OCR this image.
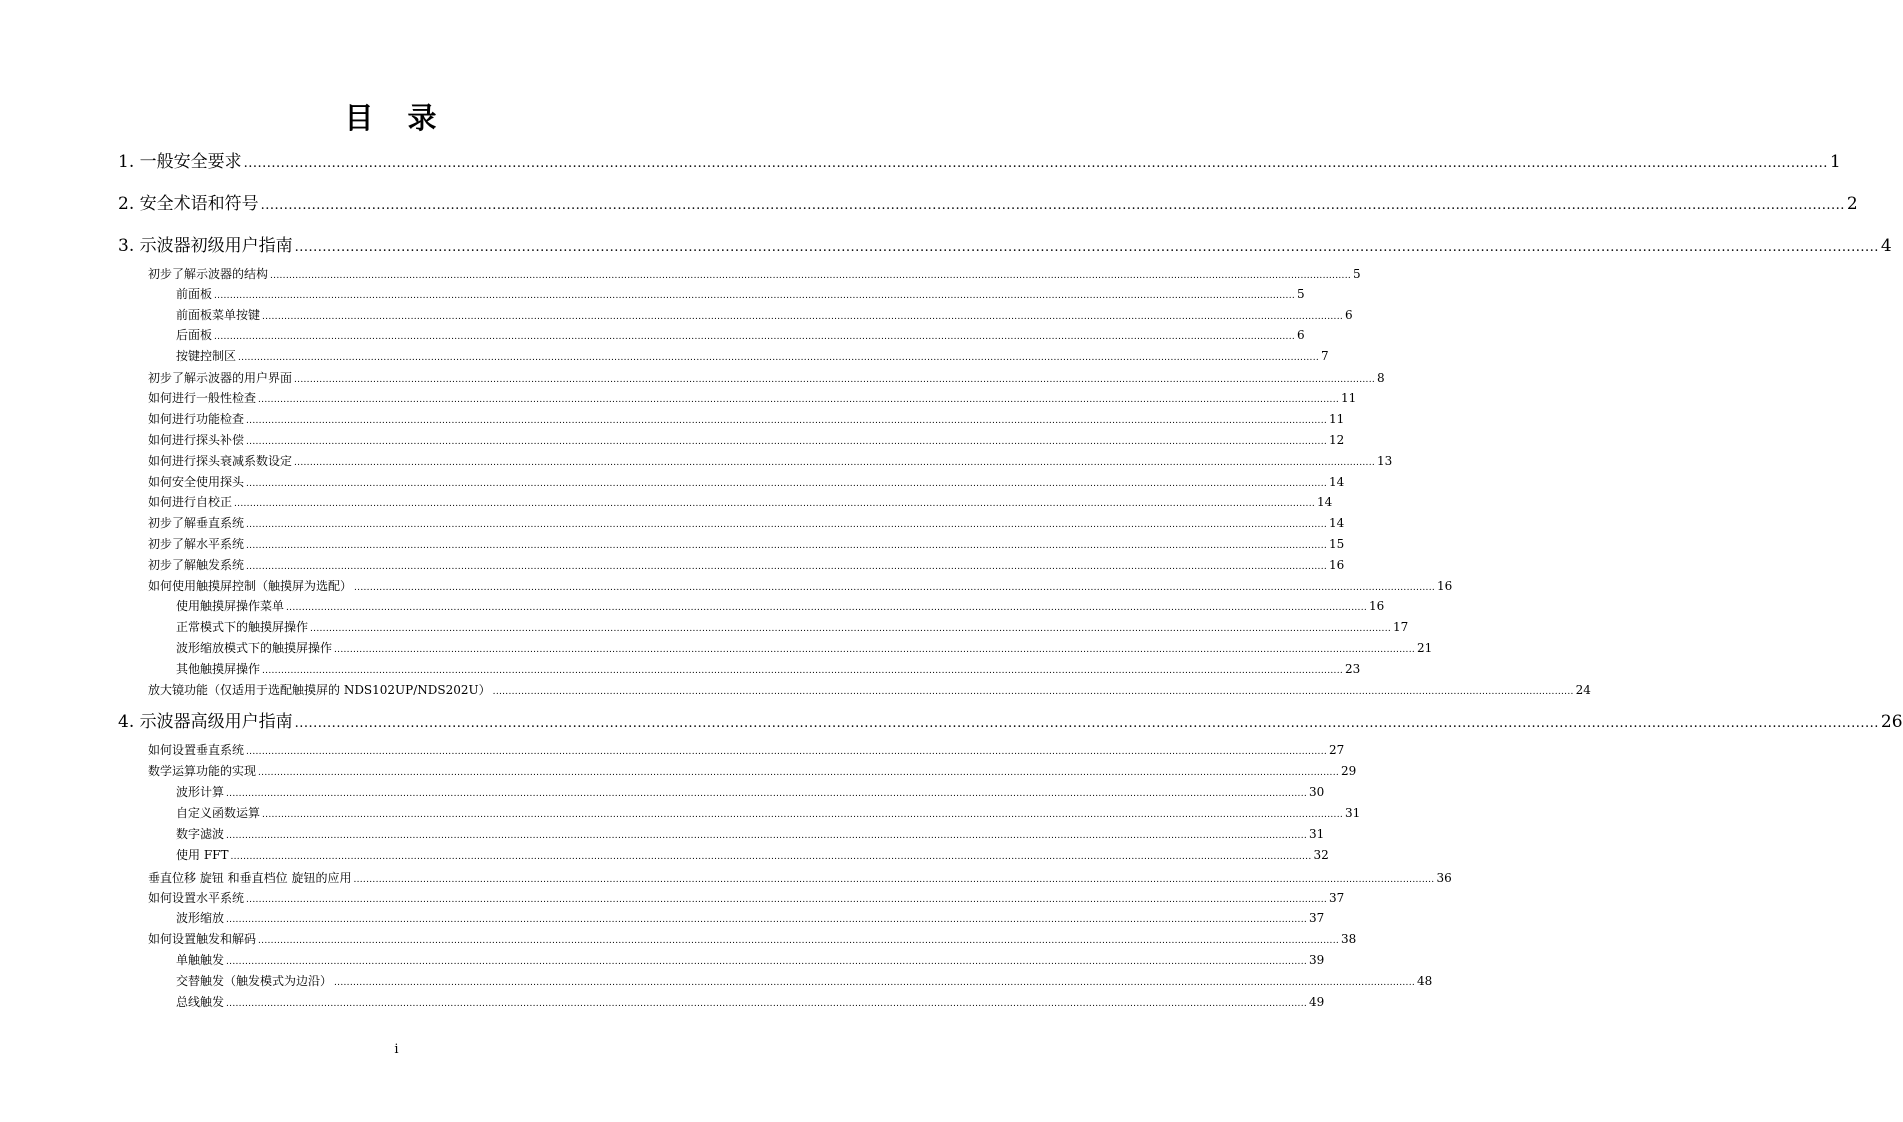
目 录
1. 一般安全要求 ...................................................................................................................................................................................................................................................................................................................................................... 1
2. 安全术语和符号 ...................................................................................................................................................................................................................................................................................................................................................... 2
3. 示波器初级用户指南 ...................................................................................................................................................................................................................................................................................................................................................... 4
初步了解示波器的结构 ...................................................................................................................................................................................................................................................................................................................................................... 5
前面板 ...................................................................................................................................................................................................................................................................................................................................................... 5
前面板菜单按键 ...................................................................................................................................................................................................................................................................................................................................................... 6
后面板 ...................................................................................................................................................................................................................................................................................................................................................... 6
按键控制区 ...................................................................................................................................................................................................................................................................................................................................................... 7
初步了解示波器的用户界面 ...................................................................................................................................................................................................................................................................................................................................................... 8
如何进行一般性检查 ...................................................................................................................................................................................................................................................................................................................................................... 11
如何进行功能检查 ...................................................................................................................................................................................................................................................................................................................................................... 11
如何进行探头补偿 ...................................................................................................................................................................................................................................................................................................................................................... 12
如何进行探头衰减系数设定 ...................................................................................................................................................................................................................................................................................................................................................... 13
如何安全使用探头 ...................................................................................................................................................................................................................................................................................................................................................... 14
如何进行自校正 ...................................................................................................................................................................................................................................................................................................................................................... 14
初步了解垂直系统 ...................................................................................................................................................................................................................................................................................................................................................... 14
初步了解水平系统 ...................................................................................................................................................................................................................................................................................................................................................... 15
初步了解触发系统 ...................................................................................................................................................................................................................................................................................................................................................... 16
如何使用触摸屏控制（触摸屏为选配） ...................................................................................................................................................................................................................................................................................................................................................... 16
使用触摸屏操作菜单 ...................................................................................................................................................................................................................................................................................................................................................... 16
正常模式下的触摸屏操作 ...................................................................................................................................................................................................................................................................................................................................................... 17
波形缩放模式下的触摸屏操作 ...................................................................................................................................................................................................................................................................................................................................................... 21
其他触摸屏操作 ...................................................................................................................................................................................................................................................................................................................................................... 23
放大镜功能（仅适用于选配触摸屏的 NDS102UP/NDS202U） ...................................................................................................................................................................................................................................................................................................................................................... 24
4. 示波器高级用户指南 ...................................................................................................................................................................................................................................................................................................................................................... 26
如何设置垂直系统 ...................................................................................................................................................................................................................................................................................................................................................... 27
数学运算功能的实现 ...................................................................................................................................................................................................................................................................................................................................................... 29
波形计算 ...................................................................................................................................................................................................................................................................................................................................................... 30
自定义函数运算 ...................................................................................................................................................................................................................................................................................................................................................... 31
数字滤波 ...................................................................................................................................................................................................................................................................................................................................................... 31
使用 FFT ...................................................................................................................................................................................................................................................................................................................................................... 32
垂直位移 旋钮 和垂直档位 旋钮的应用 ...................................................................................................................................................................................................................................................................................................................................................... 36
如何设置水平系统 ...................................................................................................................................................................................................................................................................................................................................................... 37
波形缩放 ...................................................................................................................................................................................................................................................................................................................................................... 37
如何设置触发和解码 ...................................................................................................................................................................................................................................................................................................................................................... 38
单触触发 ...................................................................................................................................................................................................................................................................................................................................................... 39
交替触发（触发模式为边沿） ...................................................................................................................................................................................................................................................................................................................................................... 48
总线触发 ...................................................................................................................................................................................................................................................................................................................................................... 49
i
